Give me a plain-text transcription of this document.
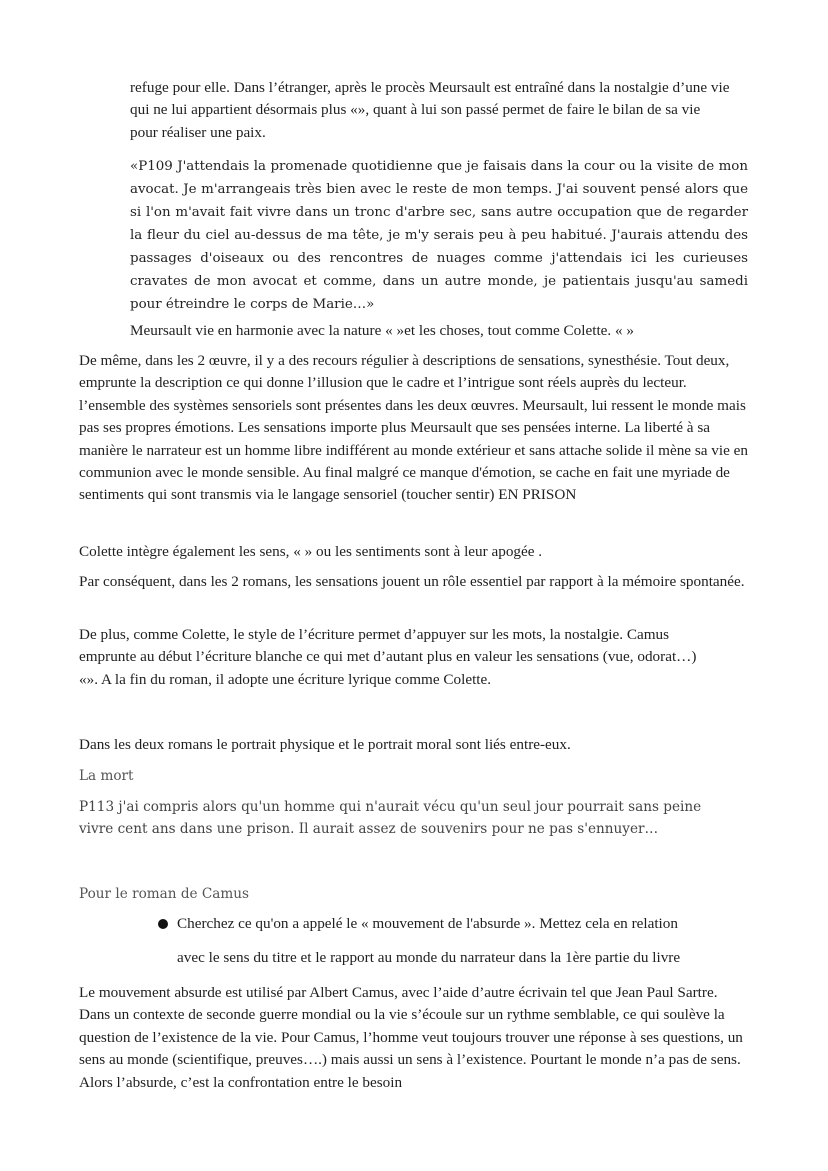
refuge pour elle. Dans l’étranger, après le procès Meursault est entraîné dans la nostalgie d’une vie qui ne lui appartient désormais plus «», quant à lui son passé permet de faire le bilan de sa vie pour réaliser une paix.

«P109 J'attendais la promenade quotidienne que je faisais dans la cour ou la visite de mon avocat. Je m'arrangeais très bien avec le reste de mon temps. J'ai souvent pensé alors que si l'on m'avait fait vivre dans un tronc d'arbre sec, sans autre occupation que de regarder la fleur du ciel au-dessus de ma tête, je m'y serais peu à peu habitué. J'aurais attendu des passages d'oiseaux ou des rencontres de nuages comme j'attendais ici les curieuses cravates de mon avocat et comme, dans un autre monde, je patientais jusqu'au samedi pour étreindre le corps de Marie…»

Meursault vie en harmonie avec la nature « »et les choses, tout comme Colette. « »

De même, dans les 2 œuvre, il y a des recours régulier à descriptions de sensations, synesthésie. Tout deux, emprunte la description ce qui donne l’illusion que le cadre et l’intrigue sont réels auprès du lecteur. l’ensemble des systèmes sensoriels sont présentes dans les deux œuvres. Meursault, lui ressent le monde mais pas ses propres émotions. Les sensations importe plus Meursault que ses pensées interne. La liberté à sa manière le narrateur est un homme libre indifférent au monde extérieur et sans attache solide il mène sa vie en communion avec le monde sensible. Au final malgré ce manque d'émotion, se cache en fait une myriade de sentiments qui sont transmis via le langage sensoriel (toucher sentir) EN PRISON

Colette intègre également les sens, « » ou les sentiments sont à leur apogée .

Par conséquent, dans les 2 romans, les sensations jouent un rôle essentiel par rapport à la mémoire spontanée.

De plus, comme Colette, le style de l’écriture permet d’appuyer sur les mots, la nostalgie. Camus emprunte au début l’écriture blanche ce qui met d’autant plus en valeur les sensations (vue, odorat…) «». A la fin du roman, il adopte une écriture lyrique comme Colette.

Dans les deux romans le portrait physique et le portrait moral sont liés entre-eux.

La mort

P113 j'ai compris alors qu'un homme qui n'aurait vécu qu'un seul jour pourrait sans peine vivre cent ans dans une prison. Il aurait assez de souvenirs pour ne pas s'ennuyer…

Pour le roman de Camus

Cherchez ce qu'on a appelé le « mouvement de l'absurde ». Mettez cela en relation
avec le sens du titre et le rapport au monde du narrateur dans la 1ère partie du livre

Le mouvement absurde est utilisé par Albert Camus, avec l’aide d’autre écrivain tel que Jean Paul Sartre. Dans un contexte de seconde guerre mondial ou la vie s’écoule sur un rythme semblable, ce qui soulève la question de l’existence de la vie. Pour Camus, l’homme veut toujours trouver une réponse à ses questions, un sens au monde (scientifique, preuves….) mais aussi un sens à l’existence. Pourtant le monde n’a pas de sens. Alors l’absurde, c’est la confrontation entre le besoin
